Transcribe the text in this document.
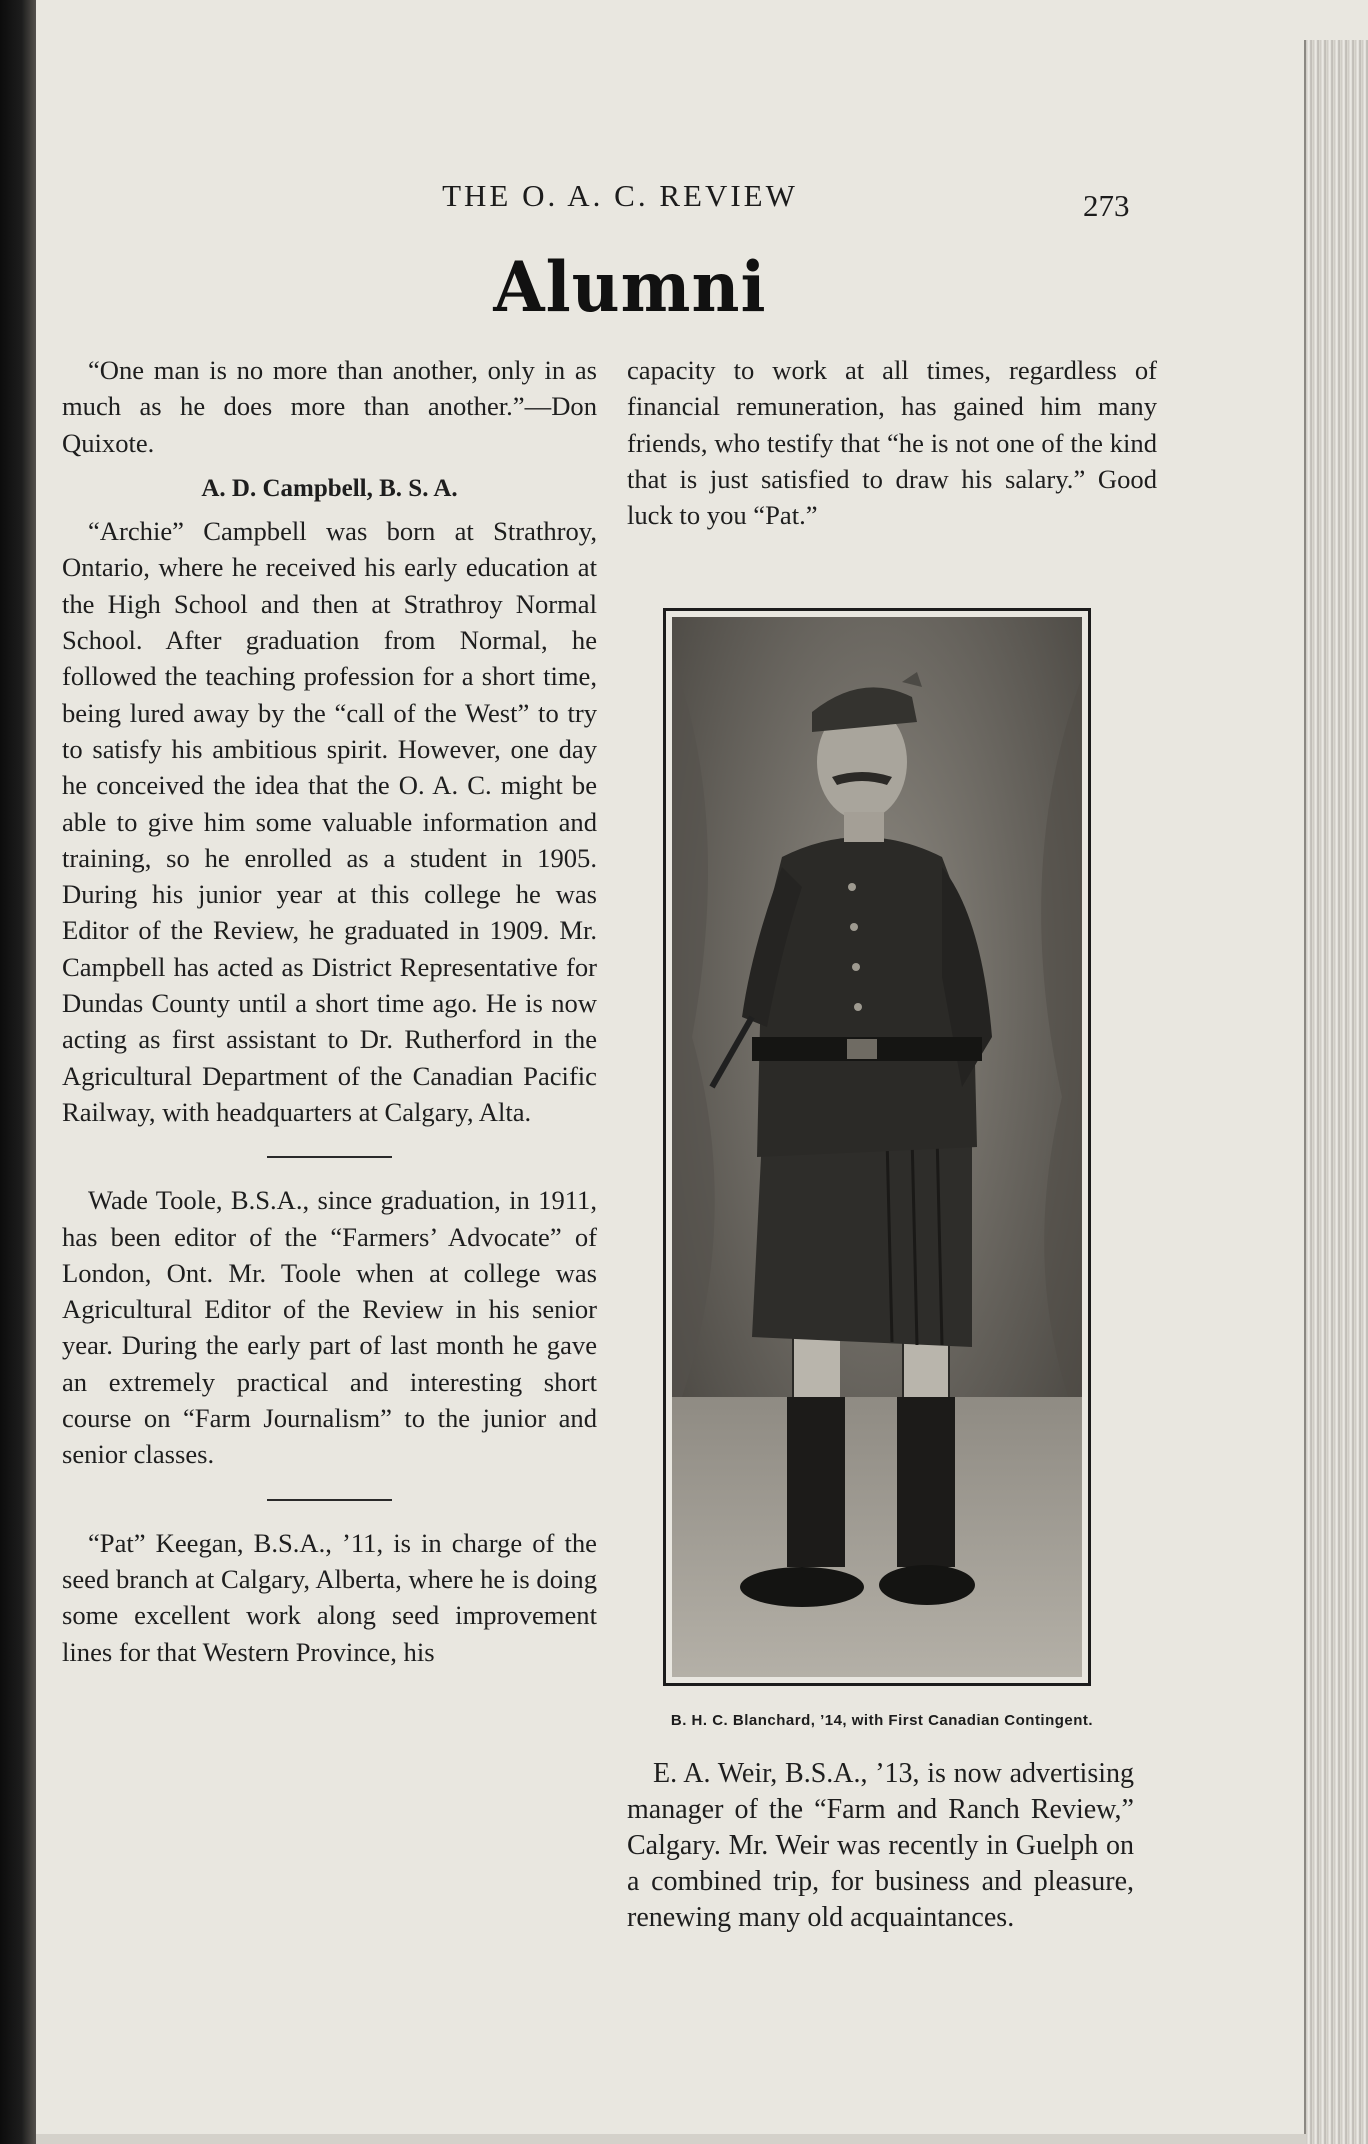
THE O. A. C. REVIEW	273
Alumni

“One man is no more than another, only in as much as he does more than another.”—Don Quixote.

A. D. Campbell, B. S. A.

“Archie” Campbell was born at Strathroy, Ontario, where he received his early education at the High School and then at Strathroy Normal School. After graduation from Normal, he followed the teaching profession for a short time, being lured away by the “call of the West” to try to satisfy his ambitious spirit. However, one day he conceived the idea that the O. A. C. might be able to give him some valuable information and training, so he enrolled as a student in 1905. During his junior year at this college he was Editor of the Review, he graduated in 1909. Mr. Campbell has acted as District Representative for Dundas County until a short time ago. He is now acting as first assistant to Dr. Rutherford in the Agricultural Department of the Canadian Pacific Railway, with headquarters at Calgary, Alta.

Wade Toole, B.S.A., since graduation, in 1911, has been editor of the “Farmers’ Advocate” of London, Ont. Mr. Toole when at college was Agricultural Editor of the Review in his senior year. During the early part of last month he gave an extremely practical and interesting short course on “Farm Journalism” to the junior and senior classes.

“Pat” Keegan, B.S.A., ’11, is in charge of the seed branch at Calgary, Alberta, where he is doing some excellent work along seed improvement lines for that Western Province, his

capacity to work at all times, regardless of financial remuneration, has gained him many friends, who testify that “he is not one of the kind that is just satisfied to draw his salary.” Good luck to you “Pat.”

B. H. C. Blanchard, ’14, with First Canadian Contingent.

E. A. Weir, B.S.A., ’13, is now advertising manager of the “Farm and Ranch Review,” Calgary. Mr. Weir was recently in Guelph on a combined trip, for business and pleasure, renewing many old acquaintances.
